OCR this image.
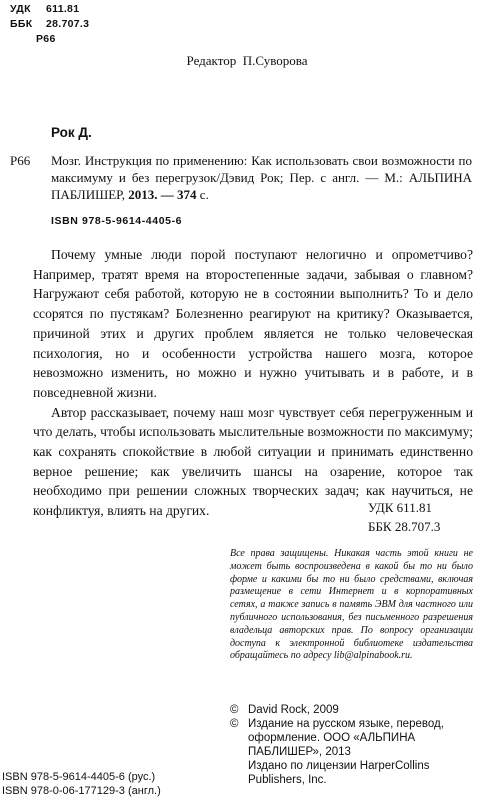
УДК 611.81
ББК 28.707.3
Р66
Редактор  П.Суворова
Рок Д.
Р66 Мозг. Инструкция по применению: Как использовать свои возможности по максимуму и без перегрузок/Дэвид Рок; Пер. с англ. — М.: АЛЬПИНА ПАБЛИШЕР, 2013. — 374 с.
ISBN 978-5-9614-4405-6

Почему умные люди порой поступают нелогично и опрометчиво? Например, тратят время на второстепенные задачи, забывая о главном? Нагружают себя работой, которую не в состоянии выполнить? То и дело ссорятся по пустякам? Болезненно реагируют на критику? Оказывается, причиной этих и других проблем является не только человеческая психология, но и особенности устройства нашего мозга, которое невозможно изменить, но можно и нужно учитывать и в работе, и в повседневной жизни.

Автор рассказывает, почему наш мозг чувствует себя перегруженным и что делать, чтобы использовать мыслительные возможности по максимуму; как сохранять спокойствие в любой ситуации и принимать единственно верное решение; как увеличить шансы на озарение, которое так необходимо при решении сложных творческих задач; как научиться, не конфликтуя, влиять на других.	УДК 611.81
ББК 28.707.3
Все права защищены. Никакая часть этой книги не может быть воспроизведена в какой бы то ни было форме и какими бы то ни было средствами, включая размещение в сети Интернет и в корпоративных сетях, а также запись в память ЭВМ для частного или публичного использования, без письменного разрешения владельца авторских прав. По вопросу организации доступа к электронной библиотеке издательства обращайтесь по адресу lib@alpinabook.ru.
© David Rock, 2009
© Издание на русском языке, перевод, оформление. ООО «АЛЬПИНА ПАБЛИШЕР», 2013
Издано по лицензии HarperCollins Publishers, Inc.
ISBN 978-5-9614-4405-6 (рус.)
ISBN 978-0-06-177129-3 (англ.)
